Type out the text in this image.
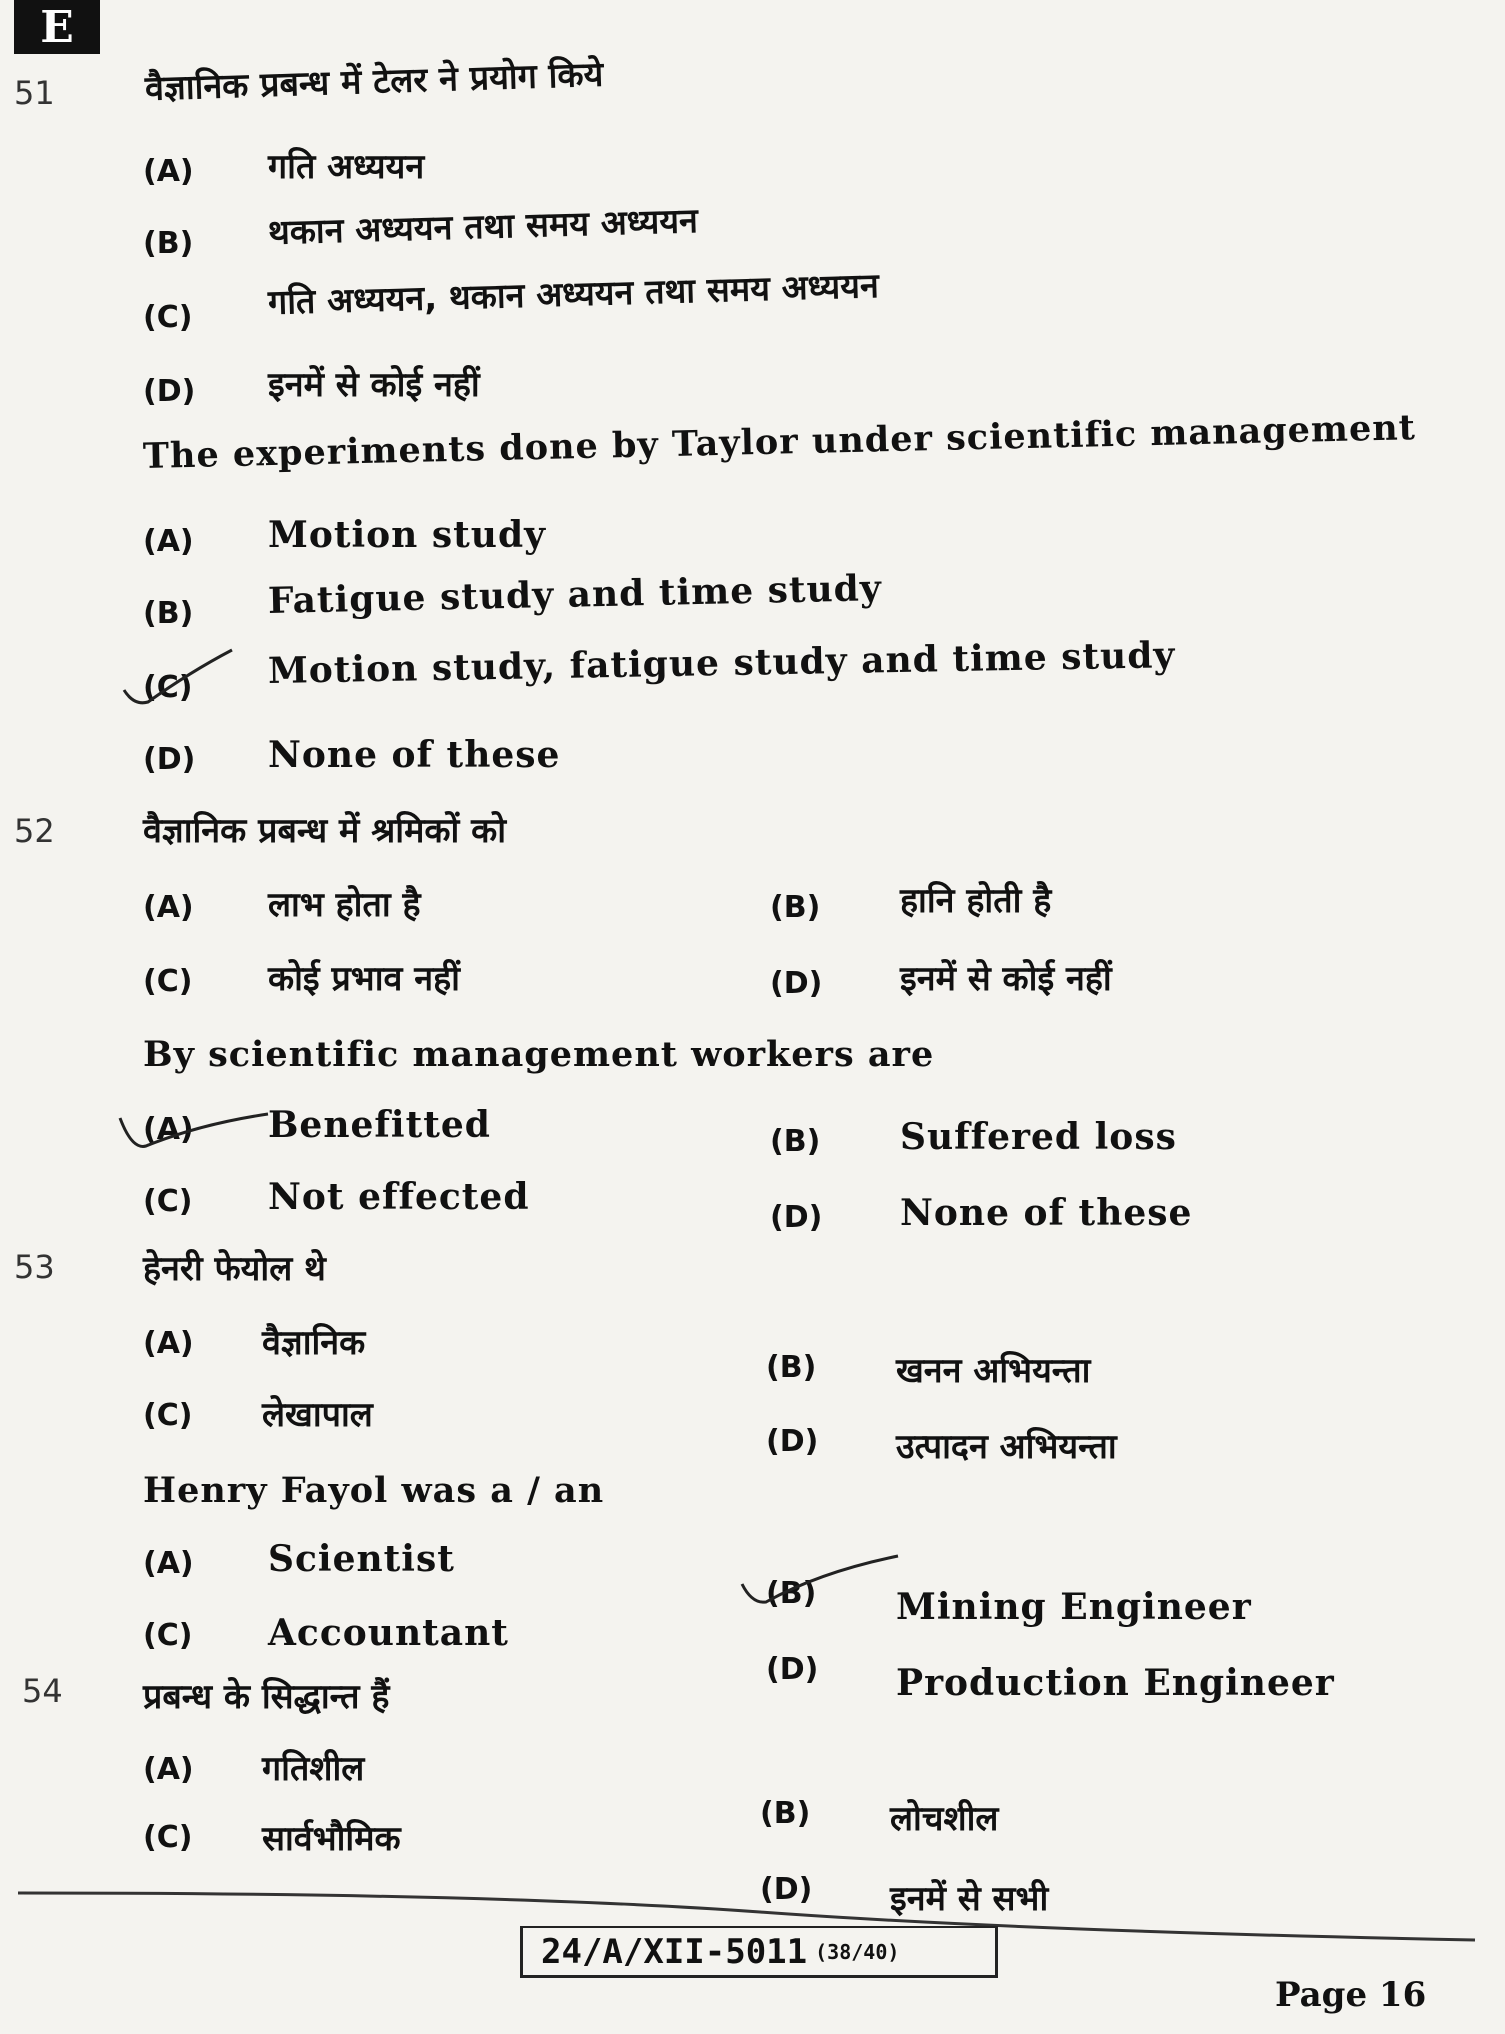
E
51	वैज्ञानिक प्रबन्ध में टेलर ने प्रयोग किये
(A) गति अध्ययन
(B) थकान अध्ययन तथा समय अध्ययन
(C) गति अध्ययन, थकान अध्ययन तथा समय अध्ययन
(D) इनमें से कोई नहीं
The experiments done by Taylor under scientific management
(A) Motion study
(B) Fatigue study and time study
(C) Motion study, fatigue study and time study
(D) None of these
52	वैज्ञानिक प्रबन्ध में श्रमिकों को
(A) लाभ होता है	(B) हानि होती है
(C) कोई प्रभाव नहीं	(D) इनमें से कोई नहीं
By scientific management workers are
(A) Benefitted	(B) Suffered loss
(C) Not effected	(D) None of these
53	हेनरी फेयोल थे
(A) वैज्ञानिक
(B) खनन अभियन्ता
(C) लेखापाल
(D) उत्पादन अभियन्ता
Henry Fayol was a / an
(A) Scientist
(B) Mining Engineer
(C) Accountant
(D) Production Engineer
54 प्रबन्ध के सिद्धान्त हैं
(A) गतिशील
(B) लोचशील
(C) सार्वभौमिक
(D) इनमें से सभी
24/A/XII-5011 (38/40)
Page 16
